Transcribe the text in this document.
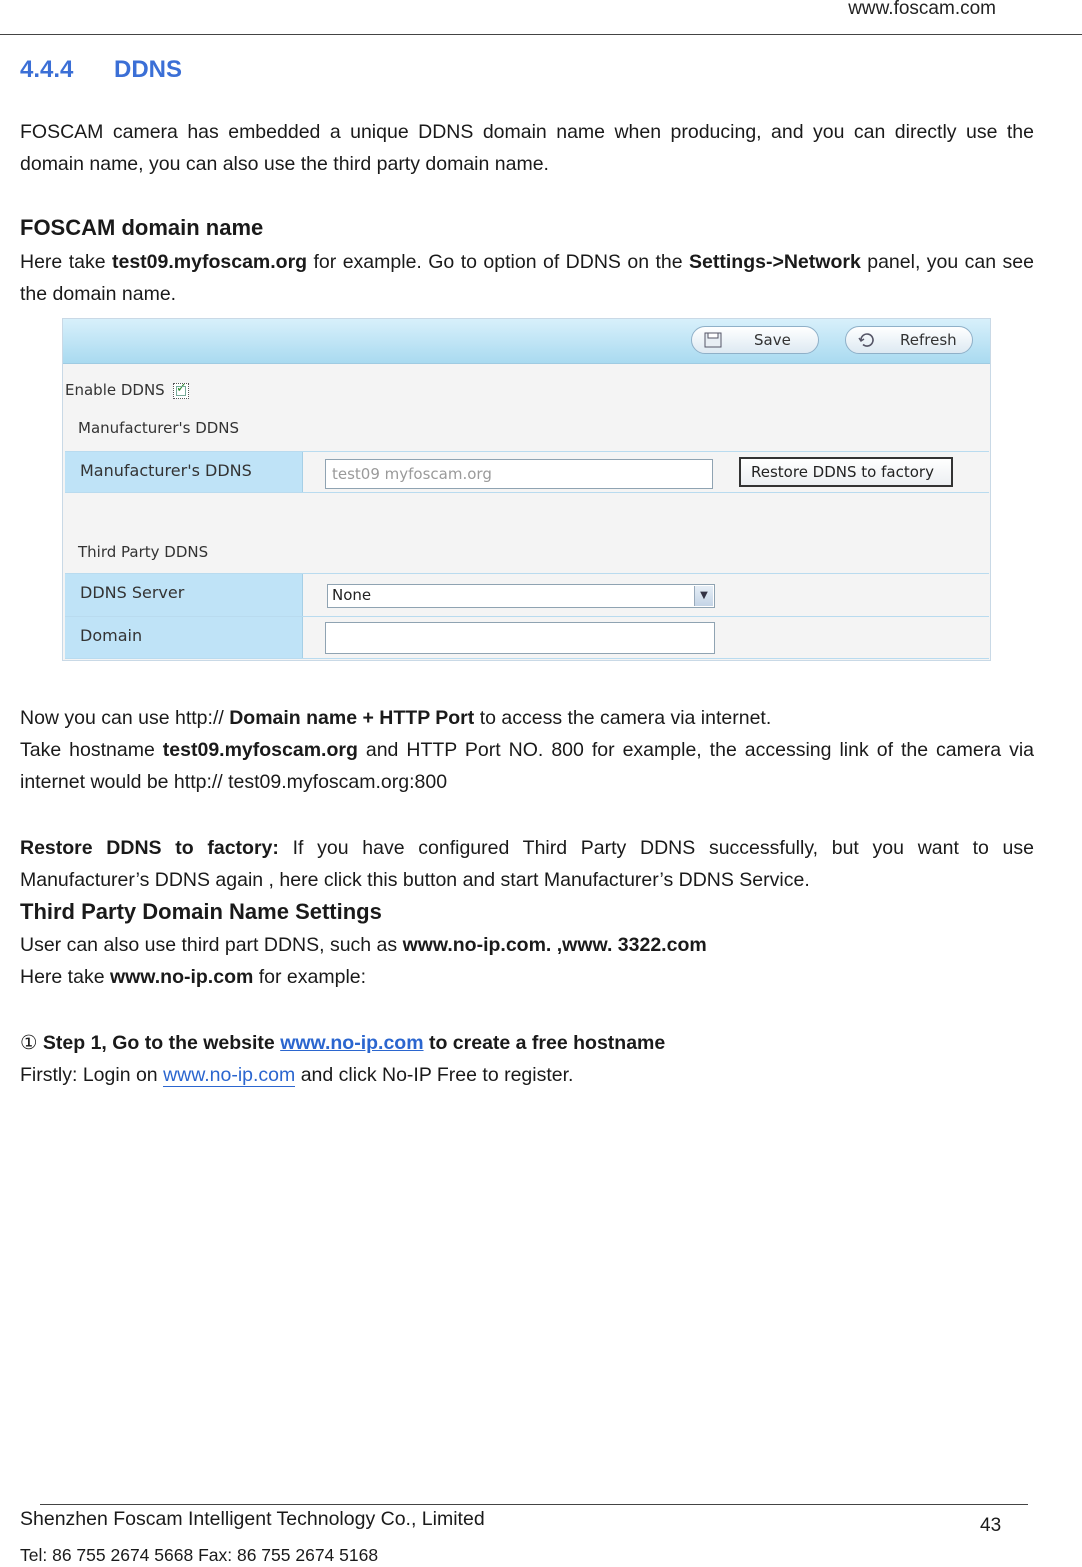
www.foscam.com
4.4.4 DDNS
FOSCAM camera has embedded a unique DDNS domain name when producing, and you can directly use the domain name, you can also use the third party domain name.
FOSCAM domain name
Here take test09.myfoscam.org for example. Go to option of DDNS on the Settings->Network panel, you can see the domain name.
Save	Refresh
Enable DDNS ✓
Manufacturer's DDNS
Manufacturer's DDNS	test09 myfoscam.org	Restore DDNS to factory
Third Party DDNS
DDNS Server	None	▼
Domain
Now you can use http:// Domain name + HTTP Port to access the camera via internet.
Take hostname test09.myfoscam.org and HTTP Port NO. 800 for example, the accessing link of the camera via internet would be http:// test09.myfoscam.org:800
Restore DDNS to factory: If you have configured Third Party DDNS successfully, but you want to use Manufacturer’s DDNS again , here click this button and start Manufacturer’s DDNS Service.
Third Party Domain Name Settings
User can also use third part DDNS, such as www.no-ip.com. ,www. 3322.com
Here take www.no-ip.com for example:
① Step 1, Go to the website www.no-ip.com to create a free hostname
Firstly: Login on www.no-ip.com and click No-IP Free to register.
Shenzhen Foscam Intelligent Technology Co., Limited
Tel: 86 755 2674 5668 Fax: 86 755 2674 5168
43
